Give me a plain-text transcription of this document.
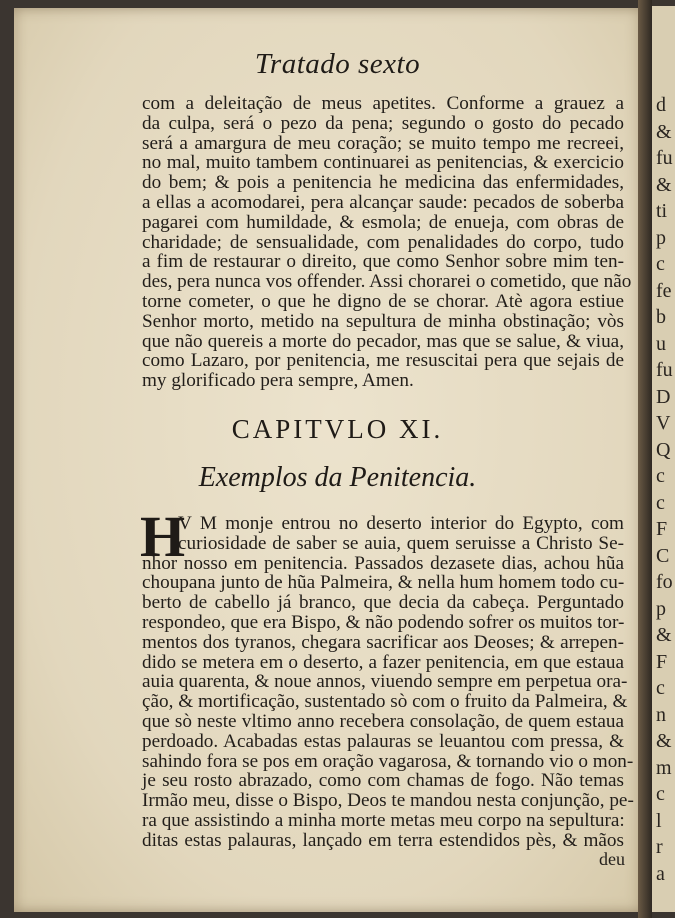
d
&
fu
&
ti
p
c
fe
b
u
fu
D
V
Q
c
c
F
C
fo
p
&
F
c
n
&
m
c
l
r
a
Tratado sexto
com a deleitação de meus apetites. Conforme a grauez a
da culpa, será o pezo da pena; segundo o gosto do pecado
será a amargura de meu coração; se muito tempo me recreei,
no mal, muito tambem continuarei as penitencias, & exercicio
do bem; & pois a penitencia he medicina das enfermidades,
a ellas a acomodarei, pera alcançar saude: pecados de soberba
pagarei com humildade, & esmola; de enueja, com obras de
charidade; de sensualidade, com penalidades do corpo, tudo
a fim de restaurar o direito, que como Senhor sobre mim ten-
des, pera nunca vos offender. Assi chorarei o cometido, que não
torne cometer, o que he digno de se chorar. Atè agora estiue
Senhor morto, metido na sepultura de minha obstinação; vòs
que não quereis a morte do pecador, mas que se salue, & viua,
como Lazaro, por penitencia, me resuscitai pera que sejais de
my glorificado pera sempre, Amen.
CAPITVLO XI.
Exemplos da Penitencia.
H
V M monje entrou no deserto interior do Egypto, com
curiosidade de saber se auia, quem seruisse a Christo Se-
nhor nosso em penitencia. Passados dezasete dias, achou hũa
choupana junto de hũa Palmeira, & nella hum homem todo cu-
berto de cabello já branco, que decia da cabeça. Perguntado
respondeo, que era Bispo, & não podendo sofrer os muitos tor-
mentos dos tyranos, chegara sacrificar aos Deoses; & arrepen-
dido se metera em o deserto, a fazer penitencia, em que estaua
auia quarenta, & noue annos, viuendo sempre em perpetua ora-
ção, & mortificação, sustentado sò com o fruito da Palmeira, &
que sò neste vltimo anno recebera consolação, de quem estaua
perdoado. Acabadas estas palauras se leuantou com pressa, &
sahindo fora se pos em oração vagarosa, & tornando vio o mon-
je seu rosto abrazado, como com chamas de fogo. Não temas
Irmão meu, disse o Bispo, Deos te mandou nesta conjunção, pe-
ra que assistindo a minha morte metas meu corpo na sepultura:
ditas estas palauras, lançado em terra estendidos pès, & mãos
deu
